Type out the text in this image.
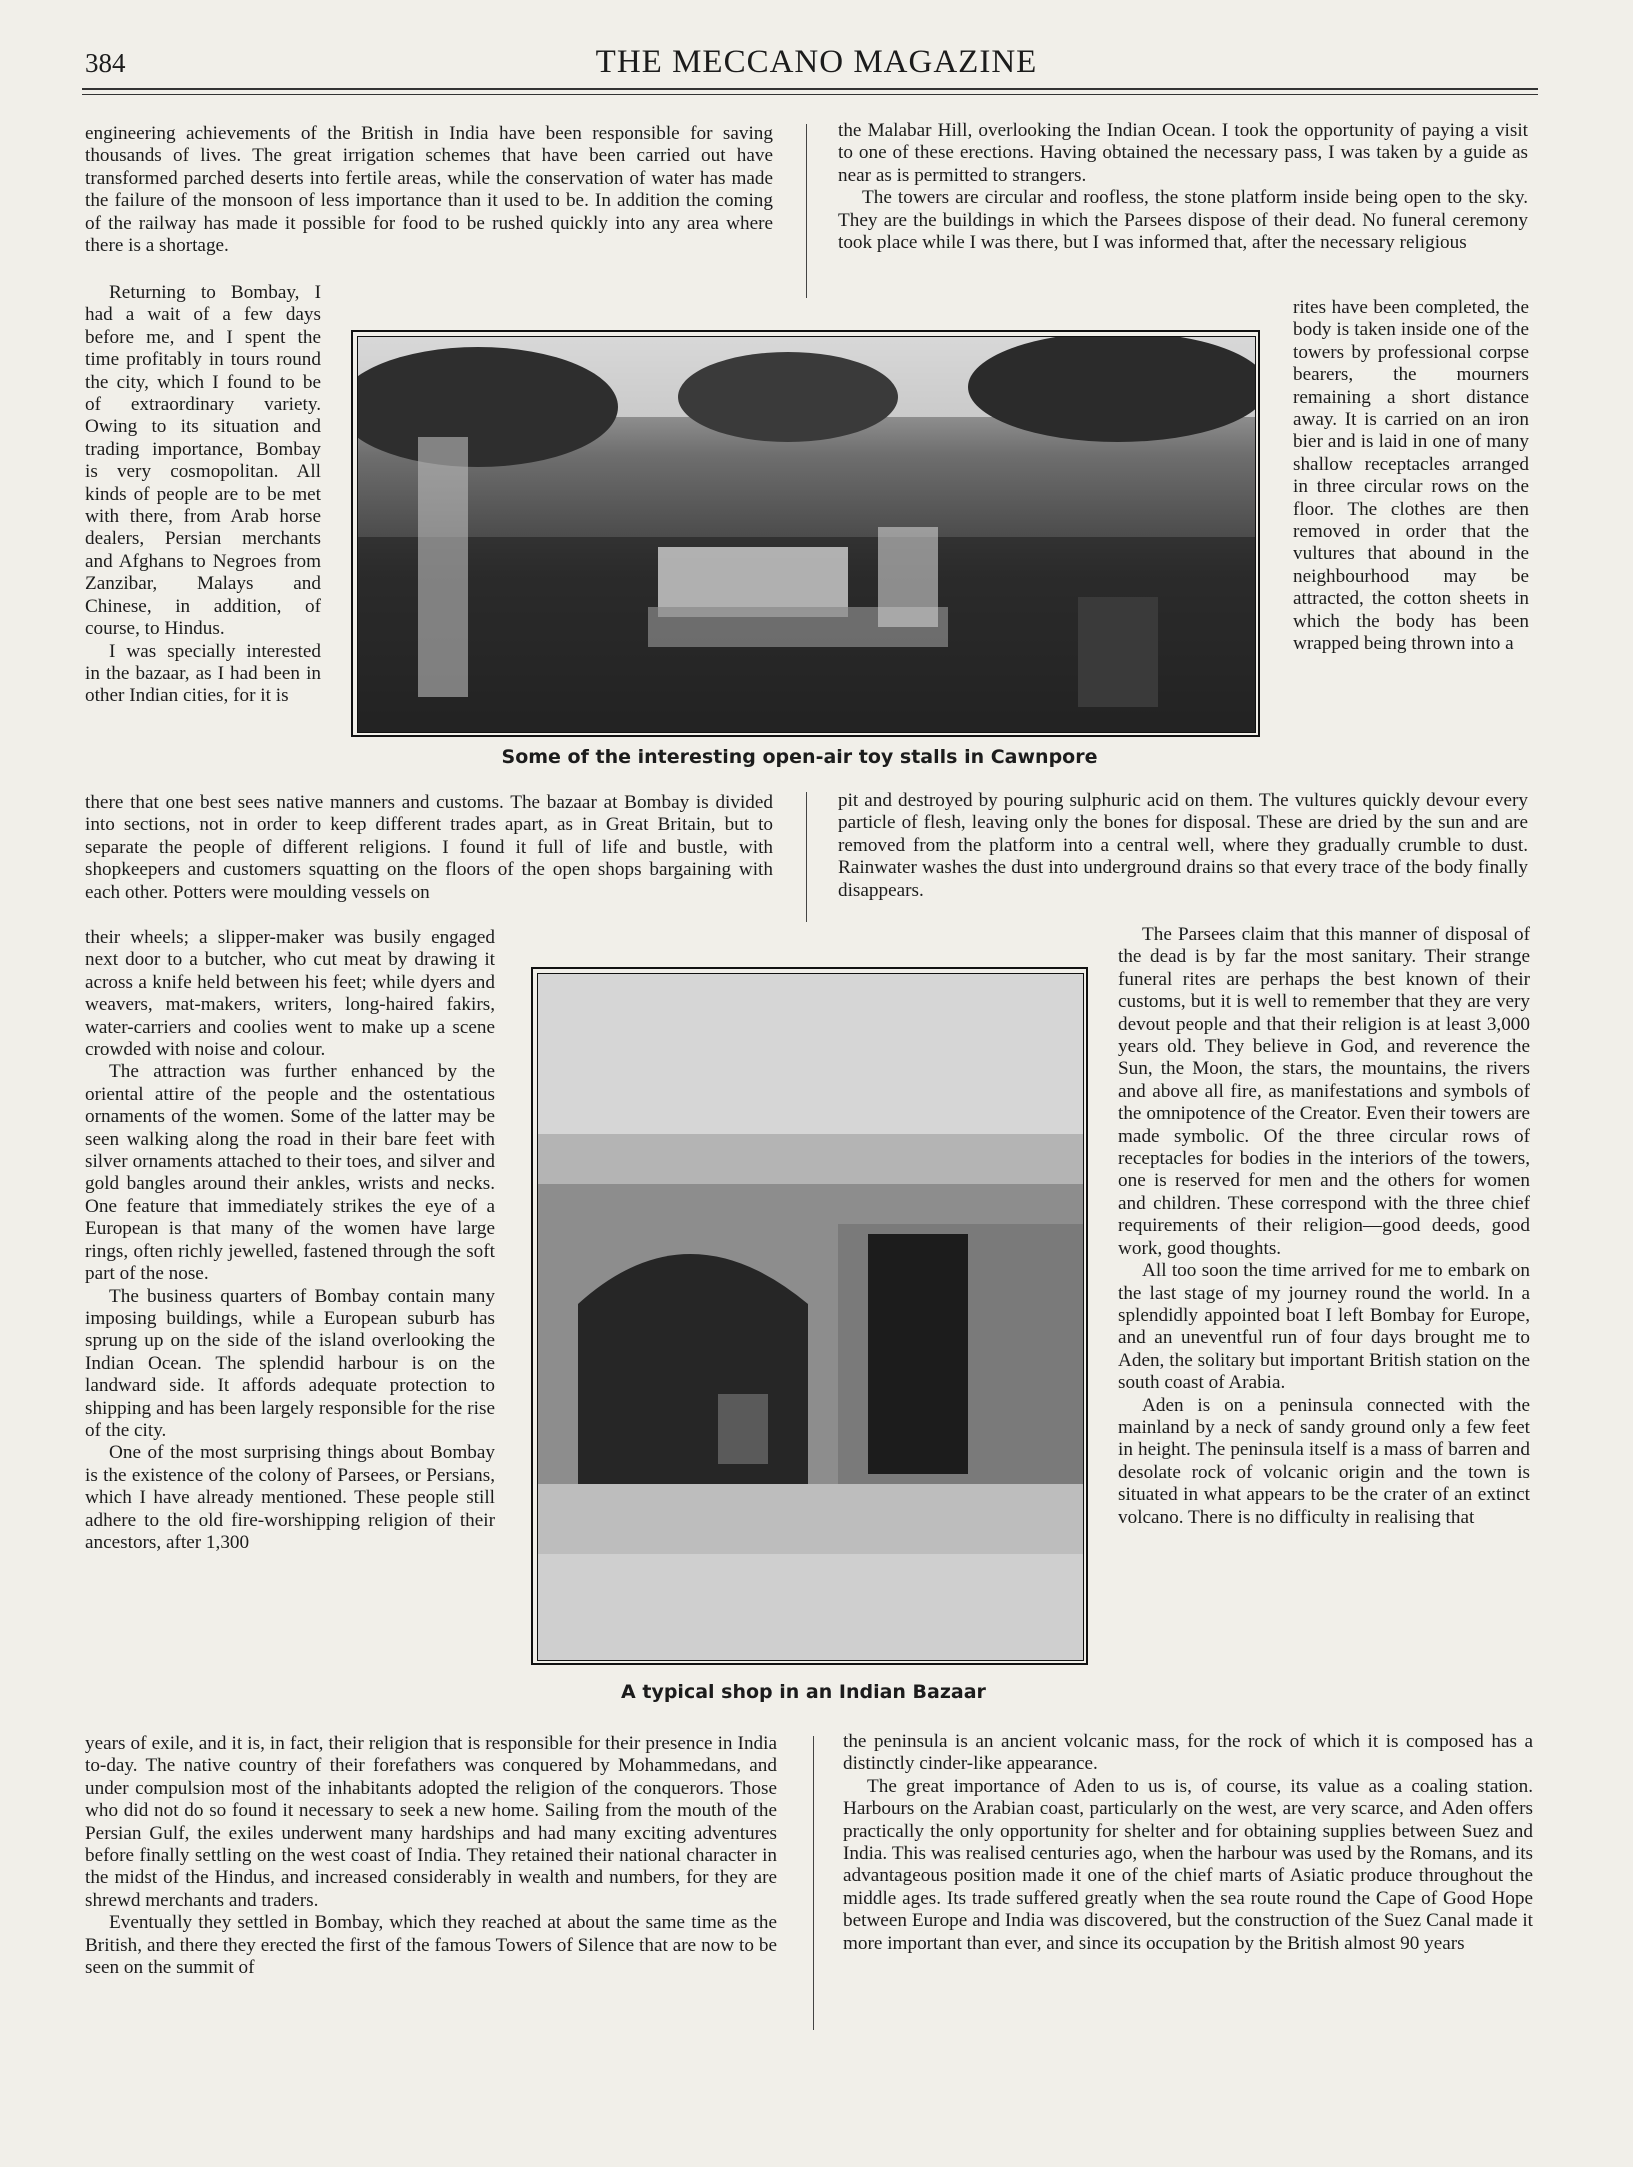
384	THE MECCANO MAGAZINE

engineering achievements of the British in India have been responsible for saving thousands of lives. The great irrigation schemes that have been carried out have transformed parched deserts into fertile areas, while the conservation of water has made the failure of the monsoon of less importance than it used to be. In addition the coming of the railway has made it possible for food to be rushed quickly into any area where there is a shortage.

Returning to Bombay, I had a wait of a few days before me, and I spent the time profitably in tours round the city, which I found to be of extraordinary variety. Owing to its situation and trading importance, Bombay is very cosmopolitan. All kinds of people are to be met with there, from Arab horse dealers, Persian merchants and Afghans to Negroes from Zanzibar, Malays and Chinese, in addition, of course, to Hindus.

I was specially interested in the bazaar, as I had been in other Indian cities, for it is

there that one best sees native manners and customs. The bazaar at Bombay is divided into sections, not in order to keep different trades apart, as in Great Britain, but to separate the people of different religions. I found it full of life and bustle, with shopkeepers and customers squatting on the floors of the open shops bargaining with each other. Potters were moulding vessels on

their wheels; a slipper-maker was busily engaged next door to a butcher, who cut meat by drawing it across a knife held between his feet; while dyers and weavers, mat-makers, writers, long-haired fakirs, water-carriers and coolies went to make up a scene crowded with noise and colour.

The attraction was further enhanced by the oriental attire of the people and the ostentatious ornaments of the women. Some of the latter may be seen walking along the road in their bare feet with silver ornaments attached to their toes, and silver and gold bangles around their ankles, wrists and necks. One feature that immediately strikes the eye of a European is that many of the women have large rings, often richly jewelled, fastened through the soft part of the nose.

The business quarters of Bombay contain many imposing buildings, while a European suburb has sprung up on the side of the island overlooking the Indian Ocean. The splendid harbour is on the landward side. It affords adequate protection to shipping and has been largely responsible for the rise of the city.

One of the most surprising things about Bombay is the existence of the colony of Parsees, or Persians, which I have already mentioned. These people still adhere to the old fire-worshipping religion of their ancestors, after 1,300

years of exile, and it is, in fact, their religion that is responsible for their presence in India to-day. The native country of their forefathers was conquered by Mohammedans, and under compulsion most of the inhabitants adopted the religion of the conquerors. Those who did not do so found it necessary to seek a new home. Sailing from the mouth of the Persian Gulf, the exiles underwent many hardships and had many exciting adventures before finally settling on the west coast of India. They retained their national character in the midst of the Hindus, and increased considerably in wealth and numbers, for they are shrewd merchants and traders.

Eventually they settled in Bombay, which they reached at about the same time as the British, and there they erected the first of the famous Towers of Silence that are now to be seen on the summit of

the Malabar Hill, overlooking the Indian Ocean. I took the opportunity of paying a visit to one of these erections. Having obtained the necessary pass, I was taken by a guide as near as is permitted to strangers.

The towers are circular and roofless, the stone platform inside being open to the sky. They are the buildings in which the Parsees dispose of their dead. No funeral ceremony took place while I was there, but I was informed that, after the necessary religious

rites have been completed, the body is taken inside one of the towers by professional corpse bearers, the mourners remaining a short distance away. It is carried on an iron bier and is laid in one of many shallow receptacles arranged in three circular rows on the floor. The clothes are then removed in order that the vultures that abound in the neighbourhood may be attracted, the cotton sheets in which the body has been wrapped being thrown into a

pit and destroyed by pouring sulphuric acid on them. The vultures quickly devour every particle of flesh, leaving only the bones for disposal. These are dried by the sun and are removed from the platform into a central well, where they gradually crumble to dust. Rainwater washes the dust into underground drains so that every trace of the body finally disappears.

The Parsees claim that this manner of disposal of the dead is by far the most sanitary. Their strange funeral rites are perhaps the best known of their customs, but it is well to remember that they are very devout people and that their religion is at least 3,000 years old. They believe in God, and reverence the Sun, the Moon, the stars, the mountains, the rivers and above all fire, as manifestations and symbols of the omnipotence of the Creator. Even their towers are made symbolic. Of the three circular rows of receptacles for bodies in the interiors of the towers, one is reserved for men and the others for women and children. These correspond with the three chief requirements of their religion—good deeds, good work, good thoughts.

All too soon the time arrived for me to embark on the last stage of my journey round the world. In a splendidly appointed boat I left Bombay for Europe, and an uneventful run of four days brought me to Aden, the solitary but important British station on the south coast of Arabia.

Aden is on a peninsula connected with the mainland by a neck of sandy ground only a few feet in height. The peninsula itself is a mass of barren and desolate rock of volcanic origin and the town is situated in what appears to be the crater of an extinct volcano. There is no difficulty in realising that

the peninsula is an ancient volcanic mass, for the rock of which it is composed has a distinctly cinder-like appearance.

The great importance of Aden to us is, of course, its value as a coaling station. Harbours on the Arabian coast, particularly on the west, are very scarce, and Aden offers practically the only opportunity for shelter and for obtaining supplies between Suez and India. This was realised centuries ago, when the harbour was used by the Romans, and its advantageous position made it one of the chief marts of Asiatic produce throughout the middle ages. Its trade suffered greatly when the sea route round the Cape of Good Hope between Europe and India was discovered, but the construction of the Suez Canal made it more important than ever, and since its occupation by the British almost 90 years

Some of the interesting open-air toy stalls in Cawnpore
A typical shop in an Indian Bazaar
